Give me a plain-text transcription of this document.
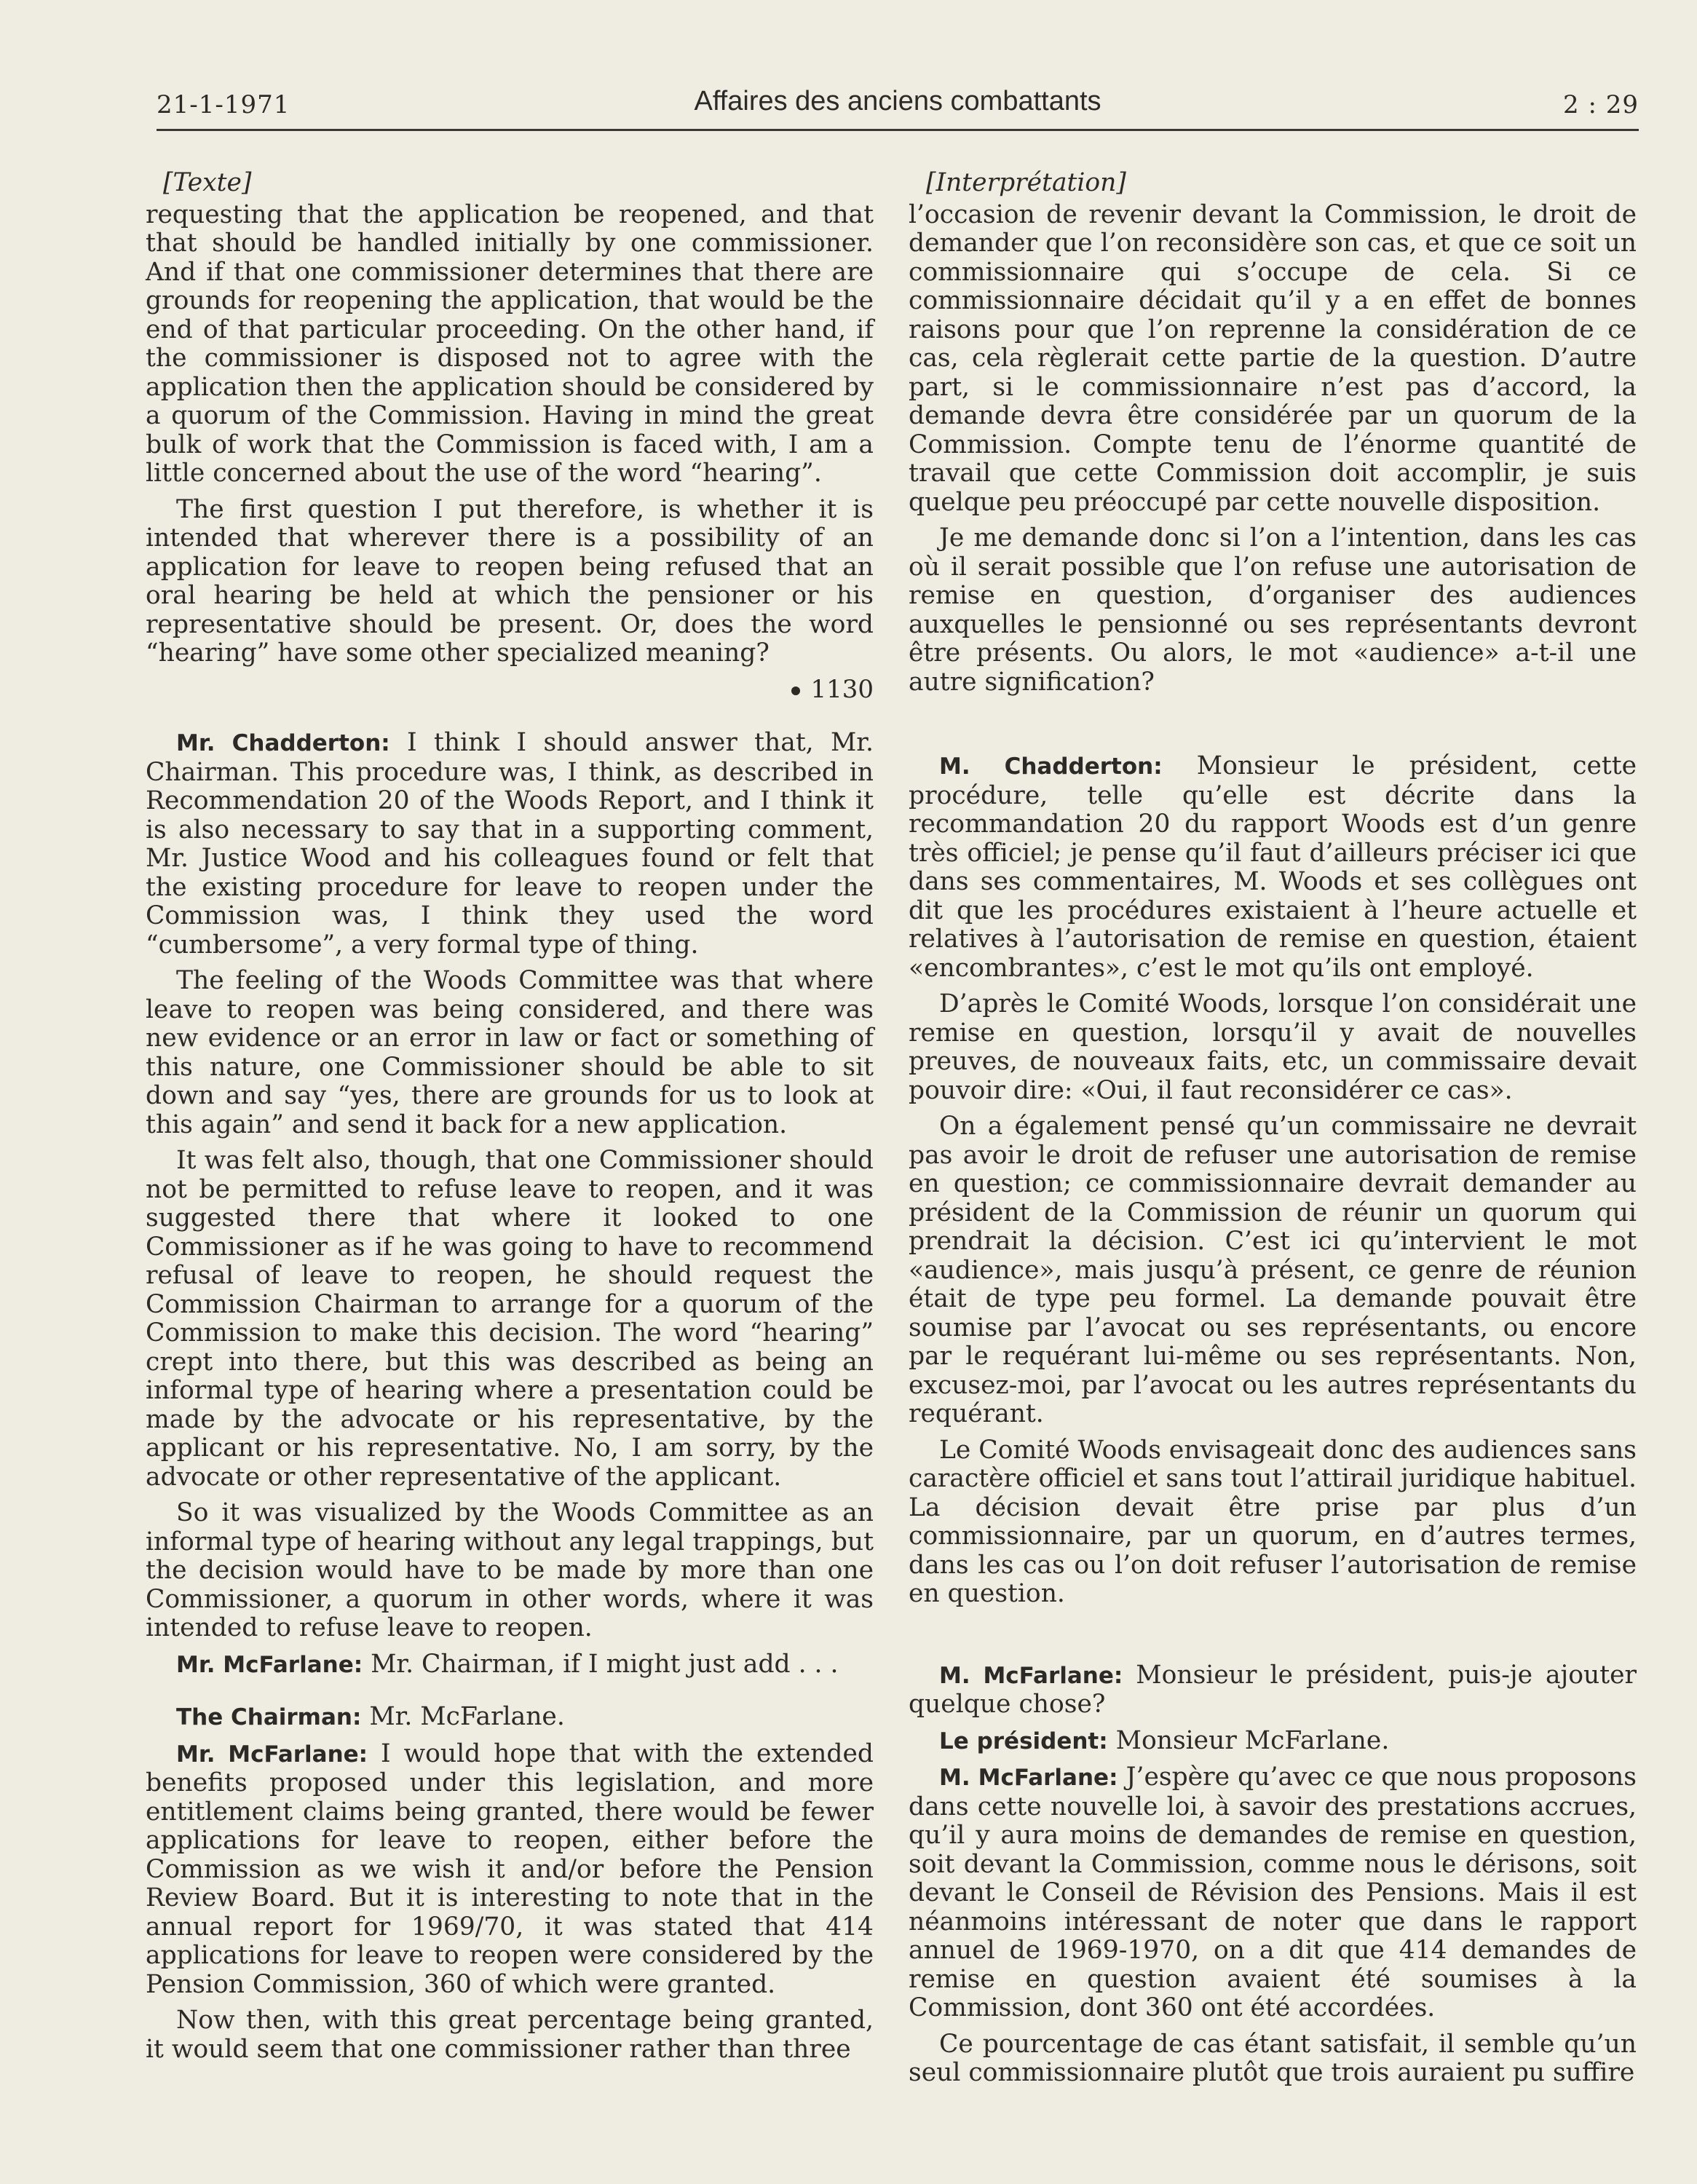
21-1-1971	Affaires des anciens combattants	2 : 29
[Texte]

requesting that the application be reopened, and that that should be handled initially by one commissioner. And if that one commissioner determines that there are grounds for reopening the application, that would be the end of that particular proceeding. On the other hand, if the commissioner is disposed not to agree with the application then the application should be considered by a quorum of the Commission. Having in mind the great bulk of work that the Commission is faced with, I am a little concerned about the use of the word “hearing”.

The first question I put therefore, is whether it is intended that wherever there is a possibility of an application for leave to reopen being refused that an oral hearing be held at which the pensioner or his representative should be present. Or, does the word “hearing” have some other specialized meaning?

1130

Mr. Chadderton: I think I should answer that, Mr. Chairman. This procedure was, I think, as described in Recommendation 20 of the Woods Report, and I think it is also necessary to say that in a supporting comment, Mr. Justice Wood and his colleagues found or felt that the existing procedure for leave to reopen under the Commission was, I think they used the word “cumbersome”, a very formal type of thing.

The feeling of the Woods Committee was that where leave to reopen was being considered, and there was new evidence or an error in law or fact or something of this nature, one Commissioner should be able to sit down and say “yes, there are grounds for us to look at this again” and send it back for a new application.

It was felt also, though, that one Commissioner should not be permitted to refuse leave to reopen, and it was suggested there that where it looked to one Commissioner as if he was going to have to recommend refusal of leave to reopen, he should request the Commission Chairman to arrange for a quorum of the Commission to make this decision. The word “hearing” crept into there, but this was described as being an informal type of hearing where a presentation could be made by the advocate or his representative, by the applicant or his representative. No, I am sorry, by the advocate or other representative of the applicant.

So it was visualized by the Woods Committee as an informal type of hearing without any legal trappings, but the decision would have to be made by more than one Commissioner, a quorum in other words, where it was intended to refuse leave to reopen.

Mr. McFarlane: Mr. Chairman, if I might just add . . .

The Chairman: Mr. McFarlane.

Mr. McFarlane: I would hope that with the extended benefits proposed under this legislation, and more entitlement claims being granted, there would be fewer applications for leave to reopen, either before the Commission as we wish it and/or before the Pension Review Board. But it is interesting to note that in the annual report for 1969/70, it was stated that 414 applications for leave to reopen were considered by the Pension Commission, 360 of which were granted.

Now then, with this great percentage being granted, it would seem that one commissioner rather than three

[Interprétation]

l’occasion de revenir devant la Commission, le droit de demander que l’on reconsidère son cas, et que ce soit un commissionnaire qui s’occupe de cela. Si ce commissionnaire décidait qu’il y a en effet de bonnes raisons pour que l’on reprenne la considération de ce cas, cela règlerait cette partie de la question. D’autre part, si le commissionnaire n’est pas d’accord, la demande devra être considérée par un quorum de la Commission. Compte tenu de l’énorme quantité de travail que cette Commission doit accomplir, je suis quelque peu préoccupé par cette nouvelle disposition.

Je me demande donc si l’on a l’intention, dans les cas où il serait possible que l’on refuse une autorisation de remise en question, d’organiser des audiences auxquelles le pensionné ou ses représentants devront être présents. Ou alors, le mot «audience» a-t-il une autre signification?

M. Chadderton: Monsieur le président, cette procédure, telle qu’elle est décrite dans la recommandation 20 du rapport Woods est d’un genre très officiel; je pense qu’il faut d’ailleurs préciser ici que dans ses commentaires, M. Woods et ses collègues ont dit que les procédures existaient à l’heure actuelle et relatives à l’autorisation de remise en question, étaient «encombrantes», c’est le mot qu’ils ont employé.

D’après le Comité Woods, lorsque l’on considérait une remise en question, lorsqu’il y avait de nouvelles preuves, de nouveaux faits, etc, un commissaire devait pouvoir dire: «Oui, il faut reconsidérer ce cas».

On a également pensé qu’un commissaire ne devrait pas avoir le droit de refuser une autorisation de remise en question; ce commissionnaire devrait demander au président de la Commission de réunir un quorum qui prendrait la décision. C’est ici qu’intervient le mot «audience», mais jusqu’à présent, ce genre de réunion était de type peu formel. La demande pouvait être soumise par l’avocat ou ses représentants, ou encore par le requérant lui-même ou ses représentants. Non, excusez-moi, par l’avocat ou les autres représentants du requérant.

Le Comité Woods envisageait donc des audiences sans caractère officiel et sans tout l’attirail juridique habituel. La décision devait être prise par plus d’un commissionnaire, par un quorum, en d’autres termes, dans les cas ou l’on doit refuser l’autorisation de remise en question.

M. McFarlane: Monsieur le président, puis-je ajouter quelque chose?

Le président: Monsieur McFarlane.

M. McFarlane: J’espère qu’avec ce que nous proposons dans cette nouvelle loi, à savoir des prestations accrues, qu’il y aura moins de demandes de remise en question, soit devant la Commission, comme nous le dérisons, soit devant le Conseil de Révision des Pensions. Mais il est néanmoins intéressant de noter que dans le rapport annuel de 1969-1970, on a dit que 414 demandes de remise en question avaient été soumises à la Commission, dont 360 ont été accordées.

Ce pourcentage de cas étant satisfait, il semble qu’un seul commissionnaire plutôt que trois auraient pu suffire
